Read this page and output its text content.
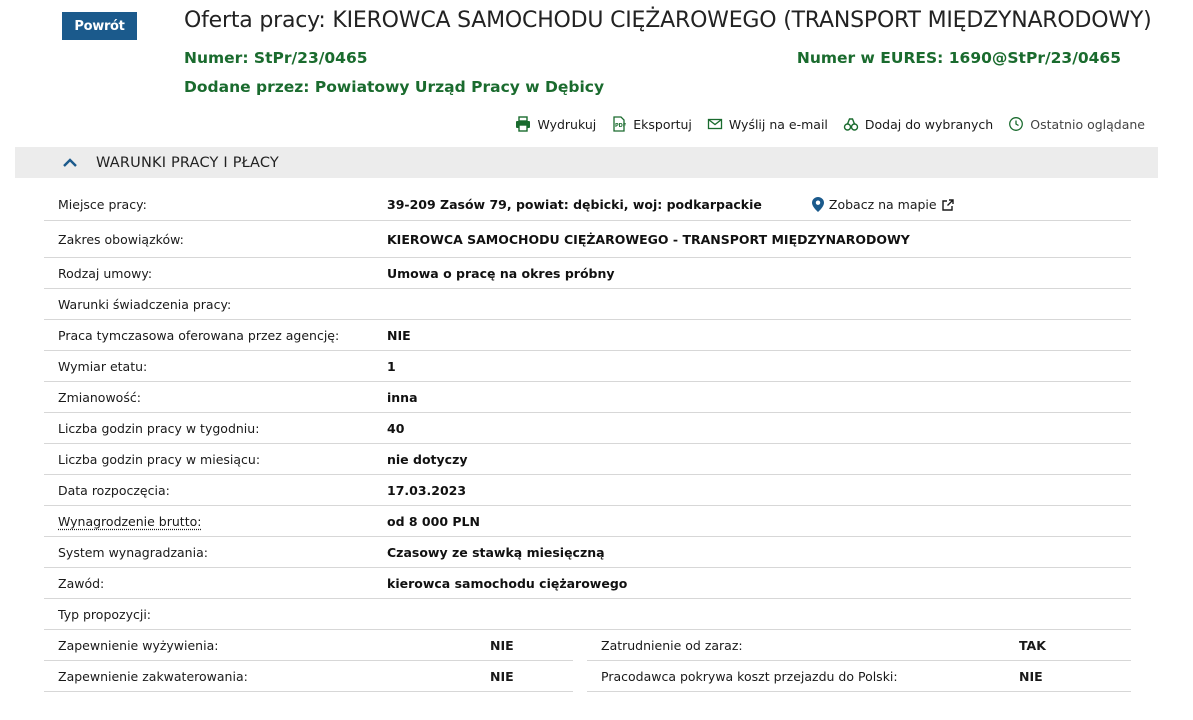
Powrót	Oferta pracy: KIEROWCA SAMOCHODU CIĘŻAROWEGO (TRANSPORT MIĘDZYNARODOWY)
Numer: StPr/23/0465	Numer w EURES: 1690@StPr/23/0465
Dodane przez: Powiatowy Urząd Pracy w Dębicy
Wydrukuj	PDF Eksportuj	Wyślij na e-mail	Dodaj do wybranych	Ostatnio oglądane
WARUNKI PRACY I PŁACY
Miejsce pracy:	39-209 Zasów 79, powiat: dębicki, woj: podkarpackie	Zobacz na mapie
Zakres obowiązków:	KIEROWCA SAMOCHODU CIĘŻAROWEGO - TRANSPORT MIĘDZYNARODOWY
Rodzaj umowy:	Umowa o pracę na okres próbny
Warunki świadczenia pracy:
Praca tymczasowa oferowana przez agencję:	NIE
Wymiar etatu:	1
Zmianowość:	inna
Liczba godzin pracy w tygodniu:	40
Liczba godzin pracy w miesiącu:	nie dotyczy
Data rozpoczęcia:	17.03.2023
Wynagrodzenie brutto:	od 8 000 PLN
System wynagradzania:	Czasowy ze stawką miesięczną
Zawód:	kierowca samochodu ciężarowego
Typ propozycji:
Zapewnienie wyżywienia:	NIE	Zatrudnienie od zaraz:	TAK
Zapewnienie zakwaterowania:	NIE	Pracodawca pokrywa koszt przejazdu do Polski:	NIE
